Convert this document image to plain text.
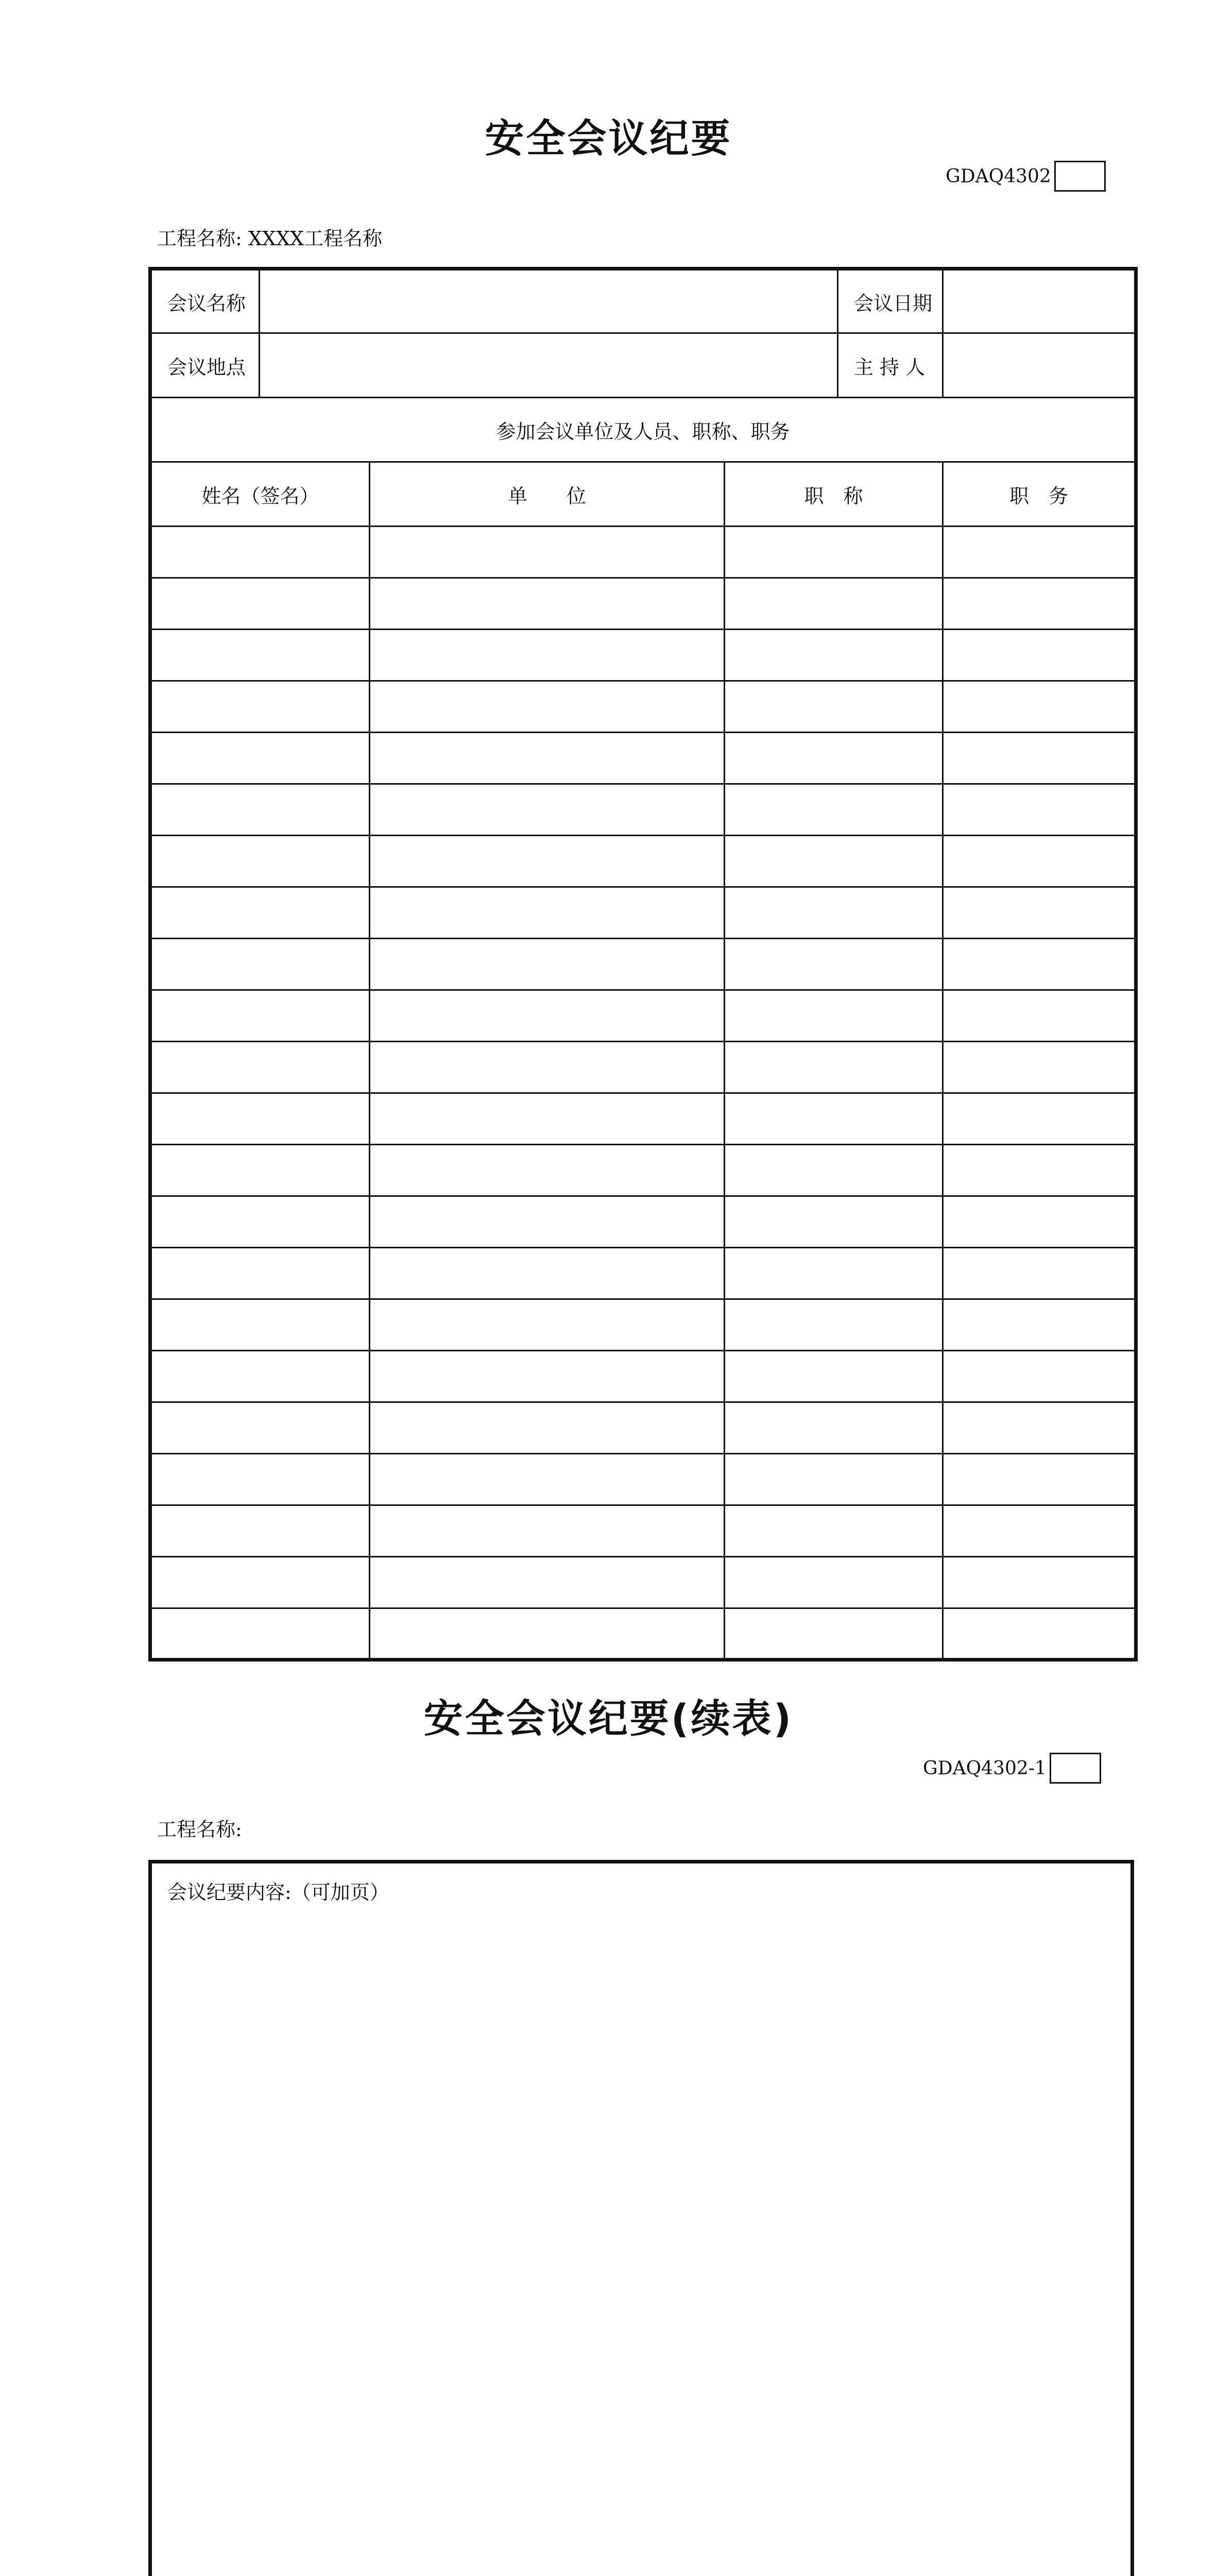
安全会议纪要
GDAQ4302
工程名称: XXXX工程名称
会议名称				会议日期	
会议地点				主 持 人	
参加会议单位及人员、职称、职务					
姓名（签名）		单　　位	职　称		职　务

安全会议纪要(续表)
GDAQ4302-1
工程名称:
会议纪要内容:（可加页）
